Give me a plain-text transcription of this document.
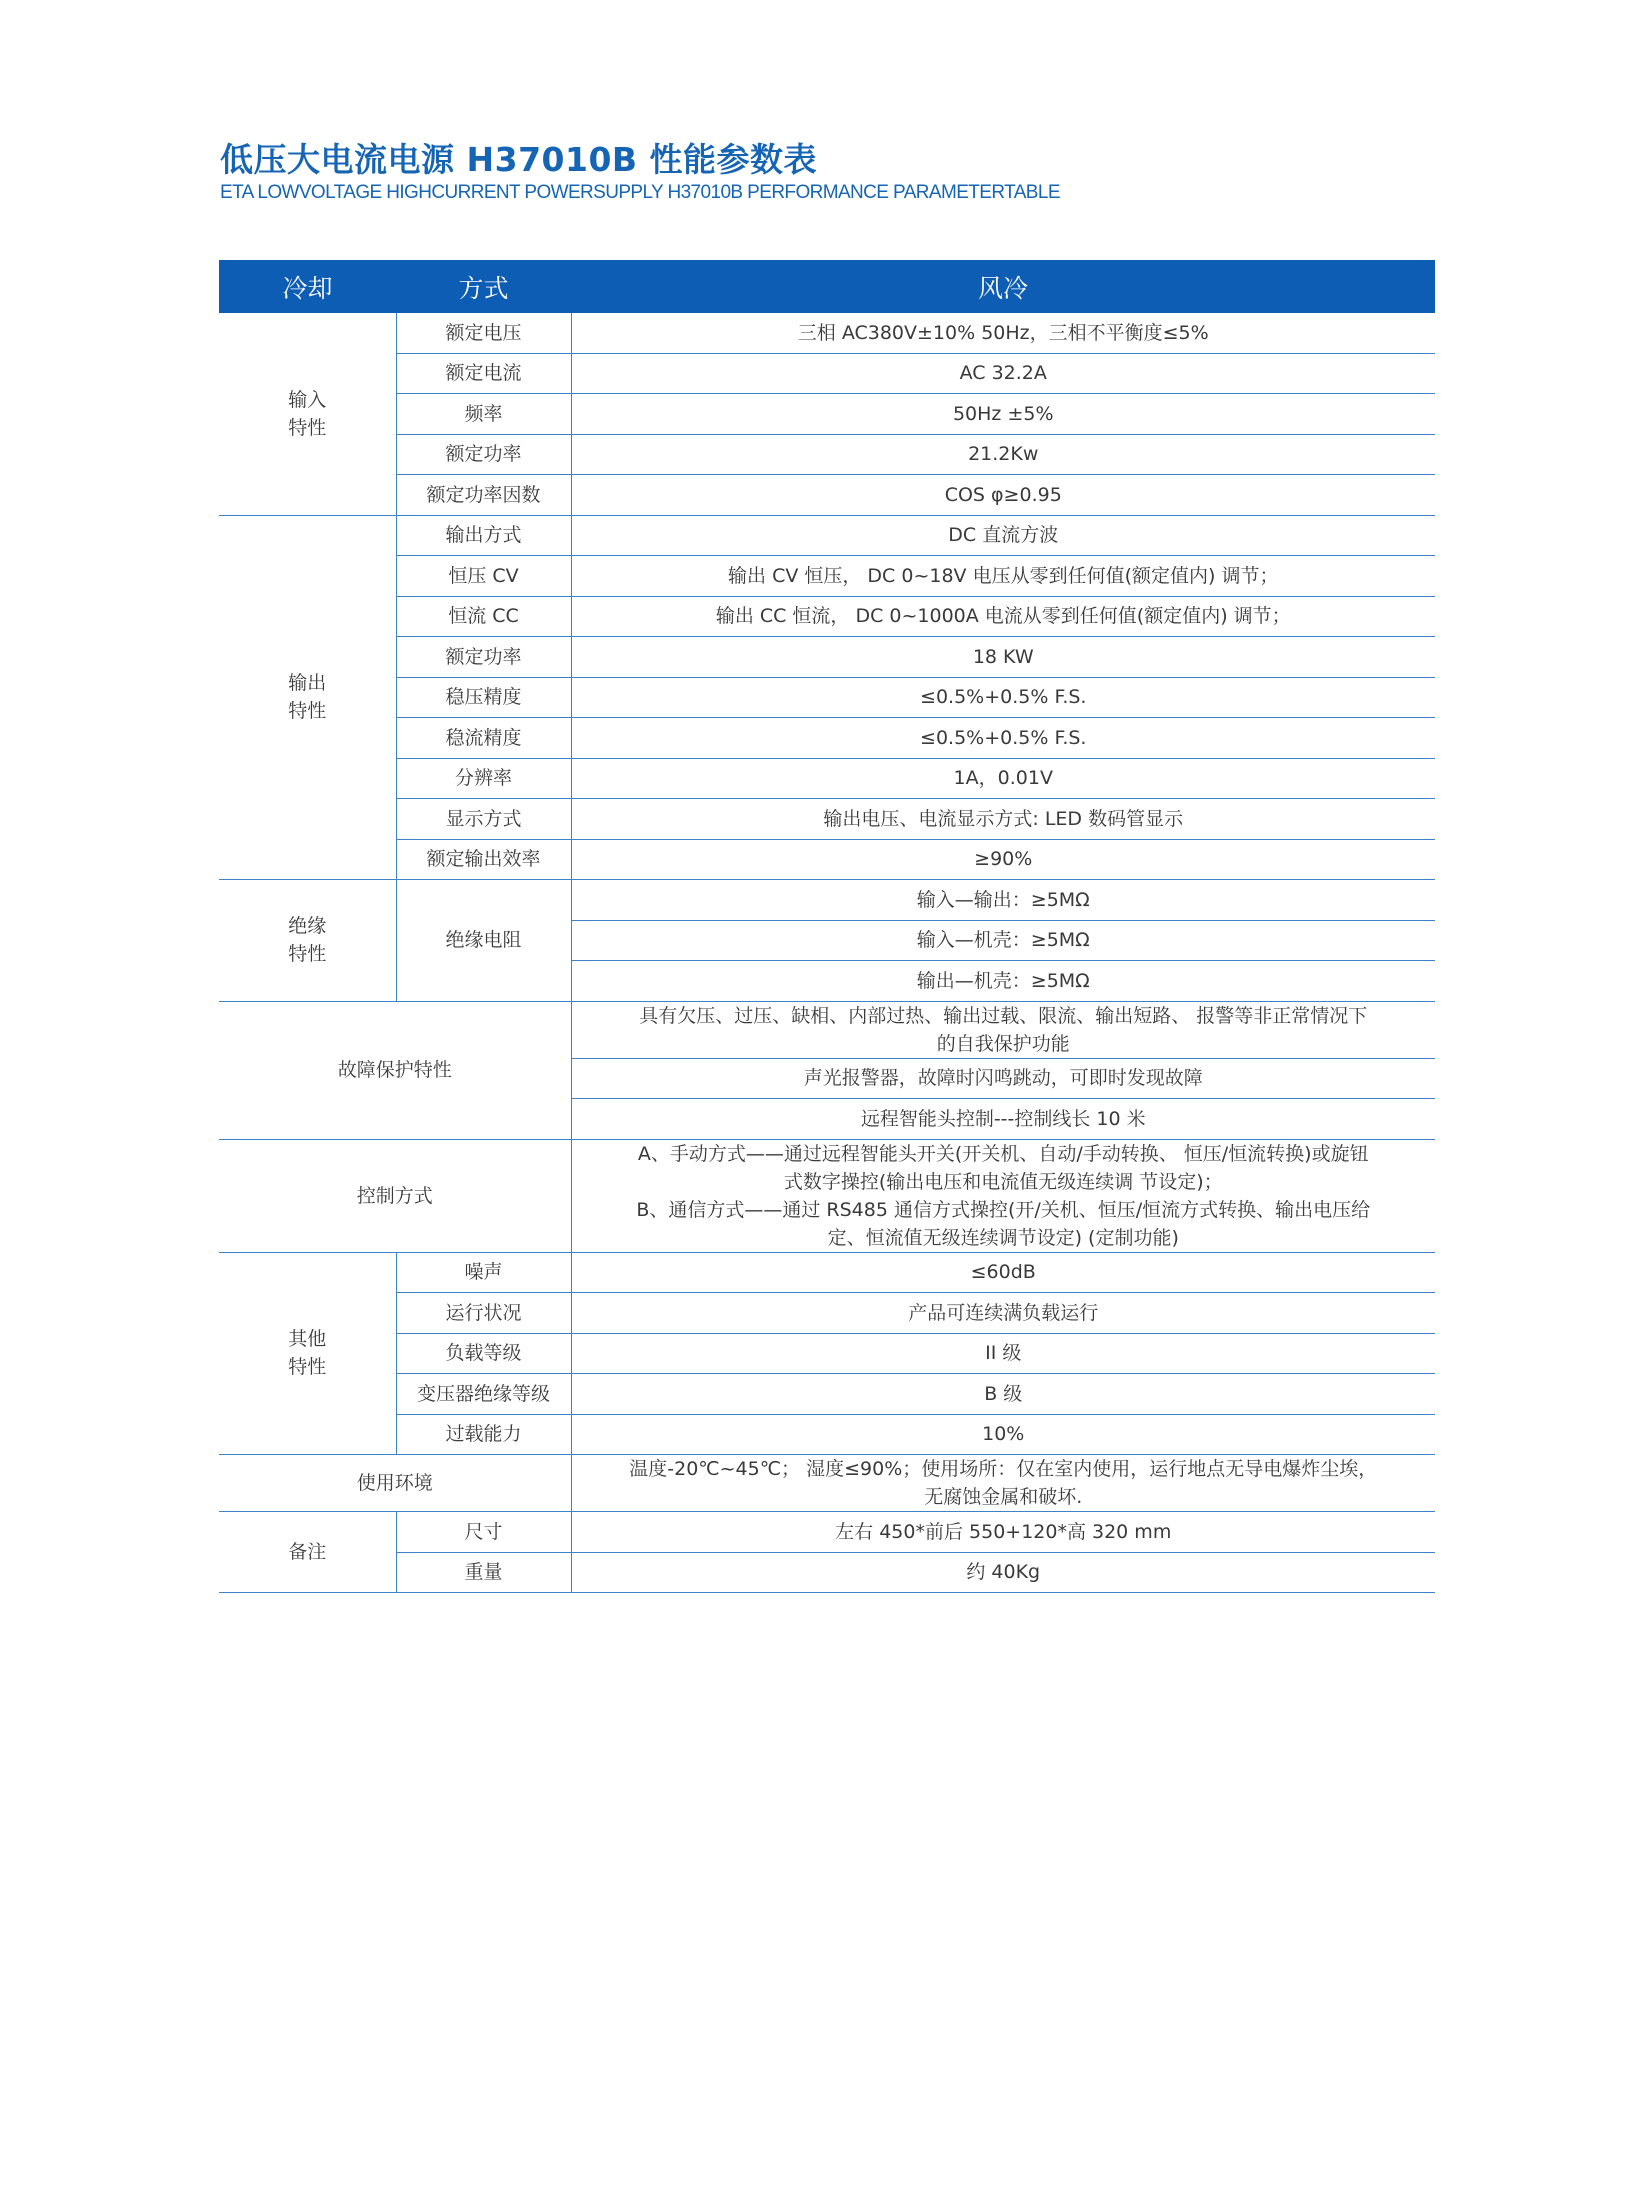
低压大电流电源 H37010B 性能参数表

ETA LOWVOLTAGE HIGHCURRENT POWERSUPPLY H37010B PERFORMANCE PARAMETERTABLE

冷却	方式	风冷

输入
特性	额定电压	三相 AC380V±10% 50Hz，三相不平衡度≤5%
	额定电流	AC 32.2A
	频率	50Hz ±5%
	额定功率	21.2Kw
	额定功率因数	COS φ≥0.95

输出
特性	输出方式	DC 直流方波
	恒压 CV	输出 CV 恒压， DC 0~18V 电压从零到任何值(额定值内) 调节；
	恒流 CC	输出 CC 恒流， DC 0~1000A 电流从零到任何值(额定值内) 调节；
	额定功率	18 KW
	稳压精度	≤0.5%+0.5% F.S.
	稳流精度	≤0.5%+0.5% F.S.
	分辨率	1A，0.01V
	显示方式	输出电压、电流显示方式: LED 数码管显示
	额定输出效率	≥90%

绝缘
特性	绝缘电阻	输入—输出：≥5MΩ
		输入—机壳：≥5MΩ
		输出—机壳：≥5MΩ
故障保护特性		具有欠压、过压、缺相、内部过热、输出过载、限流、输出短路、 报警等非正常情况下
的自我保护功能

		声光报警器，故障时闪鸣跳动，可即时发现故障
		远程智能头控制---控制线长 10 米
控制方式		A、手动方式——通过远程智能头开关(开关机、自动/手动转换、 恒压/恒流转换)或旋钮
式数字操控(输出电压和电流值无级连续调 节设定)；
B、通信方式——通过 RS485 通信方式操控(开/关机、恒压/恒流方式转换、输出电压给
定、恒流值无级连续调节设定) (定制功能)

其他
特性	噪声	≤60dB
	运行状况	产品可连续满负载运行
	负载等级	II 级
	变压器绝缘等级	B 级
	过载能力	10%
使用环境		温度-20℃~45℃； 湿度≤90%；使用场所：仅在室内使用，运行地点无导电爆炸尘埃，
无腐蚀金属和破坏.

备注	尺寸	左右 450*前后 550+120*高 320 mm
	重量	约 40Kg
